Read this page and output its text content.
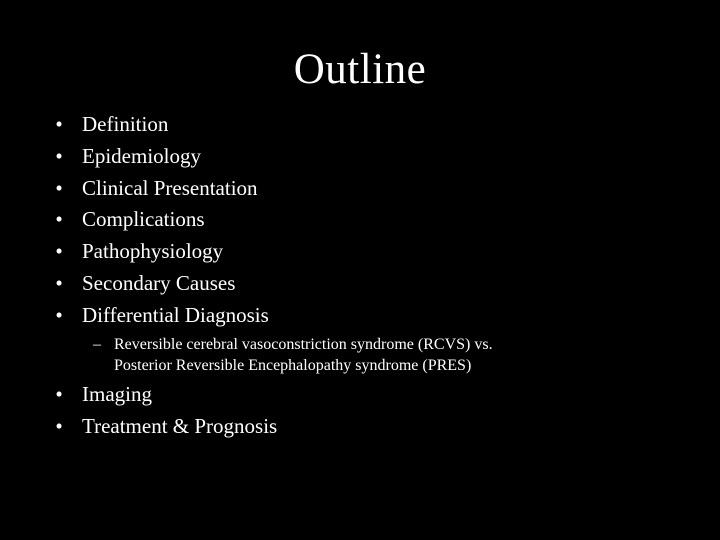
Outline
• Definition
• Epidemiology
• Clinical Presentation
• Complications
• Pathophysiology
• Secondary Causes
• Differential Diagnosis
– Reversible cerebral vasoconstriction syndrome (RCVS) vs.
Posterior Reversible Encephalopathy syndrome (PRES)
• Imaging
• Treatment & Prognosis
